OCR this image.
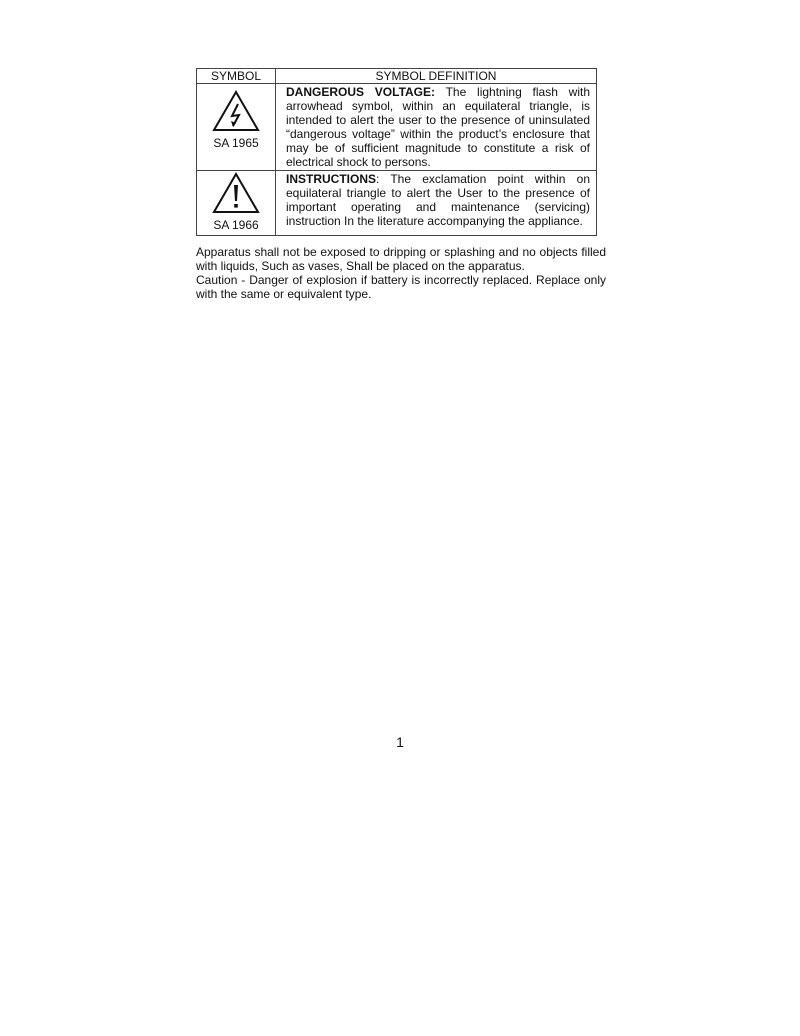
SYMBOL	SYMBOL DEFINITION

SA 1965	DANGEROUS VOLTAGE: The lightning flash with arrowhead symbol, within an equilateral triangle, is intended to alert the user to the presence of uninsulated “dangerous voltage” within the product’s enclosure that may be of sufficient magnitude to constitute a risk of electrical shock to persons.

SA 1966	INSTRUCTIONS: The exclamation point within on equilateral triangle to alert the User to the presence of important operating and maintenance (servicing) instruction In the literature accompanying the appliance.

Apparatus shall not be exposed to dripping or splashing and no objects filled with liquids, Such as vases, Shall be placed on the apparatus.

Caution - Danger of explosion if battery is incorrectly replaced. Replace only with the same or equivalent type.

1
